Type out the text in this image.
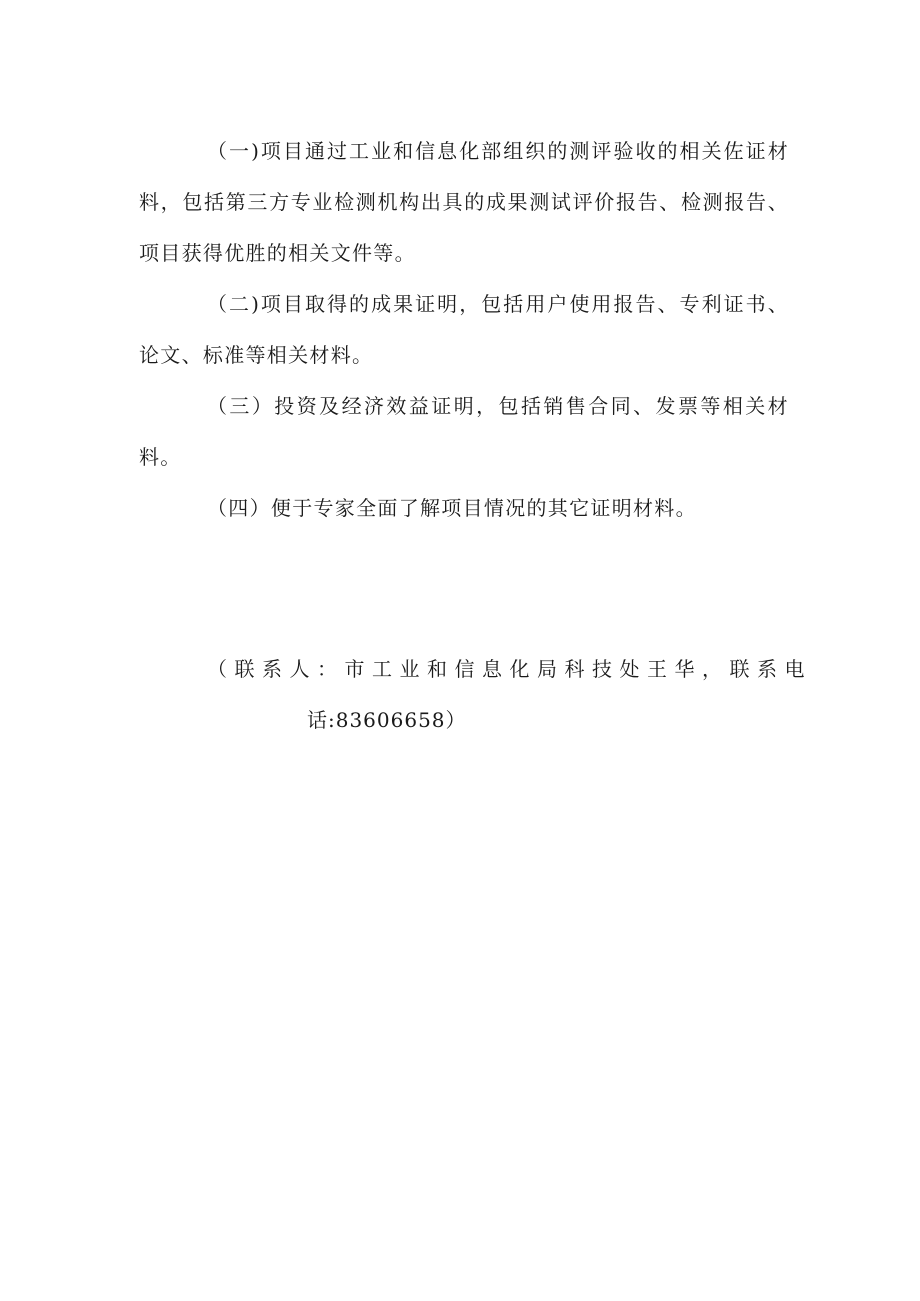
（一)项目通过工业和信息化部组织的测评验收的相关佐证材料，包括第三方专业检测机构出具的成果测试评价报告、检测报告、项目获得优胜的相关文件等。

（二)项目取得的成果证明，包括用户使用报告、专利证书、论文、标准等相关材料。

（三）投资及经济效益证明，包括销售合同、发票等相关材料。

（四）便于专家全面了解项目情况的其它证明材料。

（联系人：市工业和信息化局科技处王华，联系电

话:83606658）
